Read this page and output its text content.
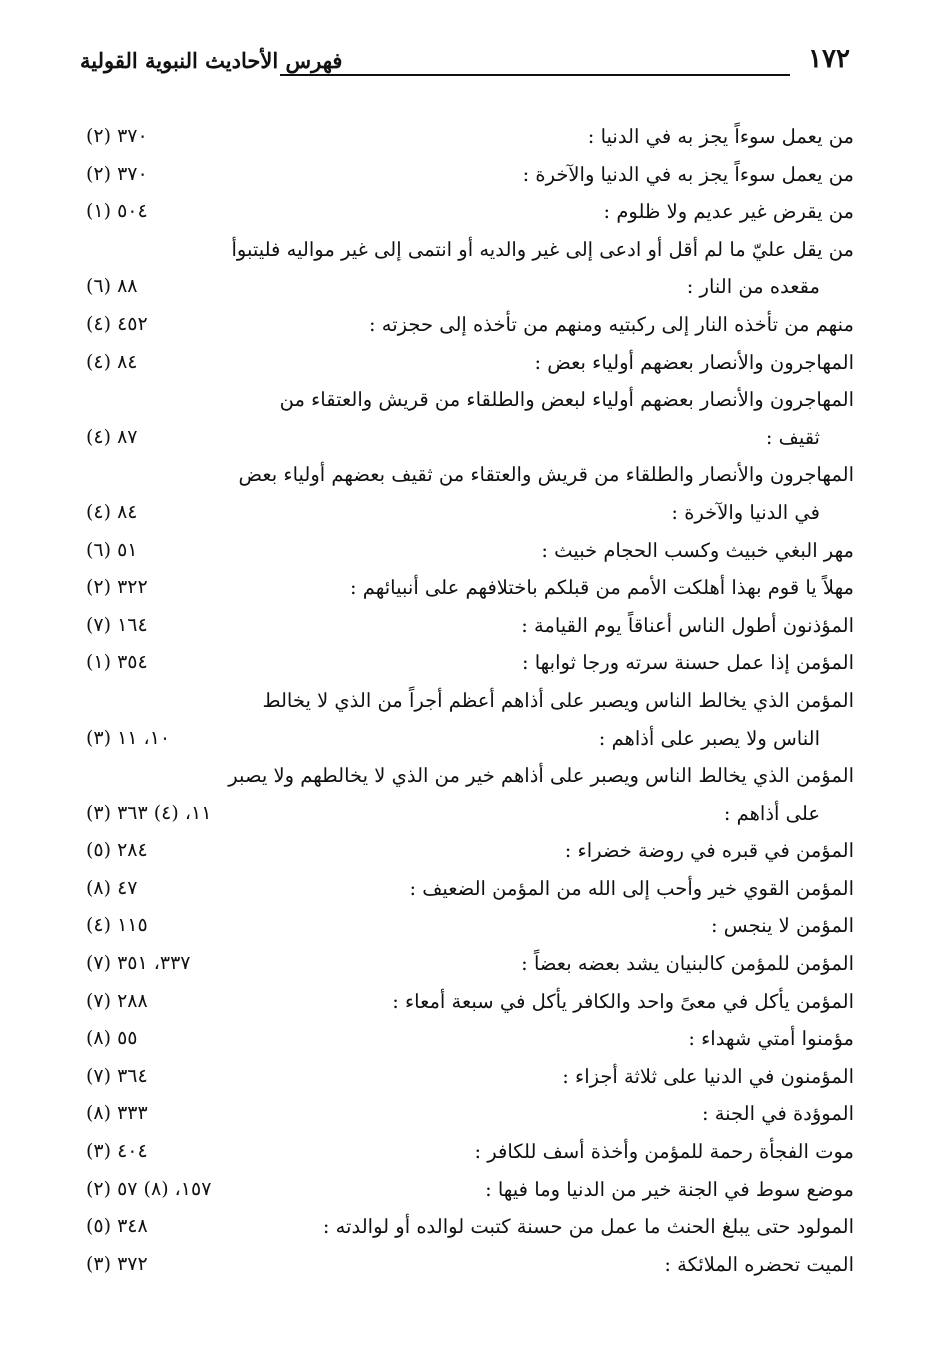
١٧٢
فهرس الأحاديث النبوية القولية
من يعمل سوءاً يجز به في الدنيا :
(٢) ٣٧٠
من يعمل سوءاً يجز به في الدنيا والآخرة :
(٢) ٣٧٠
من يقرض غير عديم ولا ظلوم :
(١) ٥٠٤
من يقل عليّ ما لم أقل أو ادعى إلى غير والديه أو انتمى إلى غير مواليه فليتبوأ
مقعده من النار :
(٦) ٨٨
منهم من تأخذه النار إلى ركبتيه ومنهم من تأخذه إلى حجزته :
(٤) ٤٥٢
المهاجرون والأنصار بعضهم أولياء بعض :
(٤) ٨٤
المهاجرون والأنصار بعضهم أولياء لبعض والطلقاء من قريش والعتقاء من
ثقيف :
(٤) ٨٧
المهاجرون والأنصار والطلقاء من قريش والعتقاء من ثقيف بعضهم أولياء بعض
في الدنيا والآخرة :
(٤) ٨٤
مهر البغي خبيث وكسب الحجام خبيث :
(٦) ٥١
مهلاً يا قوم بهذا أهلكت الأمم من قبلكم باختلافهم على أنبيائهم :
(٢) ٣٢٢
المؤذنون أطول الناس أعناقاً يوم القيامة :
(٧) ١٦٤
المؤمن إذا عمل حسنة سرته ورجا ثوابها :
(١) ٣٥٤
المؤمن الذي يخالط الناس ويصبر على أذاهم أعظم أجراً من الذي لا يخالط
الناس ولا يصبر على أذاهم :
(٣) ١٠، ١١
المؤمن الذي يخالط الناس ويصبر على أذاهم خير من الذي لا يخالطهم ولا يصبر
على أذاهم :
(٣) ١١، (٤) ٣٦٣
المؤمن في قبره في روضة خضراء :
(٥) ٢٨٤
المؤمن القوي خير وأحب إلى الله من المؤمن الضعيف :
(٨) ٤٧
المؤمن لا ينجس :
(٤) ١١٥
المؤمن للمؤمن كالبنيان يشد بعضه بعضاً :
(٧) ٣٣٧، ٣٥١
المؤمن يأكل في معىً واحد والكافر يأكل في سبعة أمعاء :
(٧) ٢٨٨
مؤمنوا أمتي شهداء :
(٨) ٥٥
المؤمنون في الدنيا على ثلاثة أجزاء :
(٧) ٣٦٤
الموؤدة في الجنة :
(٨) ٣٣٣
موت الفجأة رحمة للمؤمن وأخذة أسف للكافر :
(٣) ٤٠٤
موضع سوط في الجنة خير من الدنيا وما فيها :
(٢) ١٥٧، (٨) ٥٧
المولود حتى يبلغ الحنث ما عمل من حسنة كتبت لوالده أو لوالدته :
(٥) ٣٤٨
الميت تحضره الملائكة :
(٣) ٣٧٢
